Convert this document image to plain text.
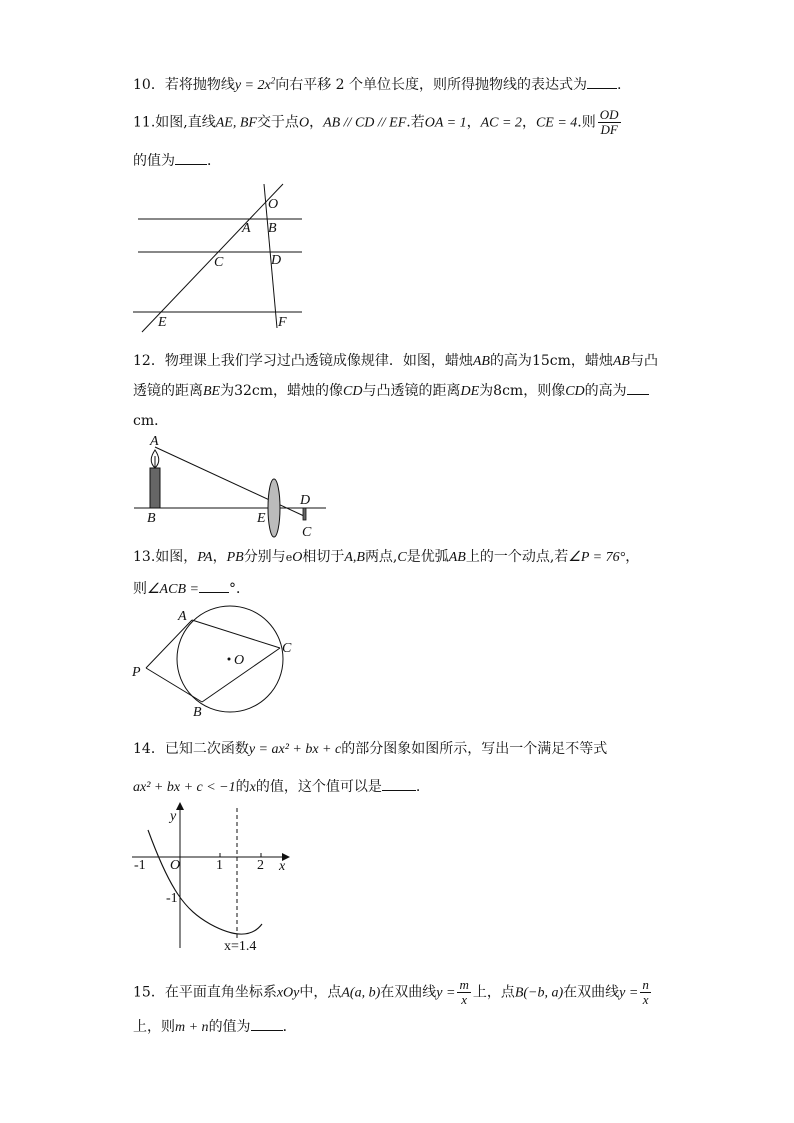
10．若将抛物线$y = 2x^2$向右平移 2 个单位长度，则所得抛物线的表达式为 .
11.如图,直线AE, BF交于点O，AB // CD // EF.若OA = 1，AC = 2，CE = 4.则 $\frac{OD}{DF}$
的值为 ．
O
A B
C	D
E	F
12．物理课上我们学习过凸透镜成像规律．如图，蜡烛AB的高为15cm，蜡烛AB与凸
透镜的距离BE为32cm，蜡烛的像CD与凸透镜的距离DE为8cm，则像CD的高为
cm．
A
B	E
D
C
13.如图，PA，PB分别与eO相切于A,B两点,C是优弧AB上的一个动点,若∠P = 76°，
则∠ACB = °．
A
P
O
C
B
14．已知二次函数y = ax² + bx + c的部分图象如图所示，写出一个满足不等式
ax² + bx + c < −1的x的值，这个值可以是 .
y
x
O
-1	1 2
-1
x=1.4
15．在平面直角坐标系xOy中，点A(a, b)在双曲线$y = \frac{m}{x}$ 上，点B(−b, a)在双曲线$y = \frac{n}{x}$
上，则m + n的值为 ．
